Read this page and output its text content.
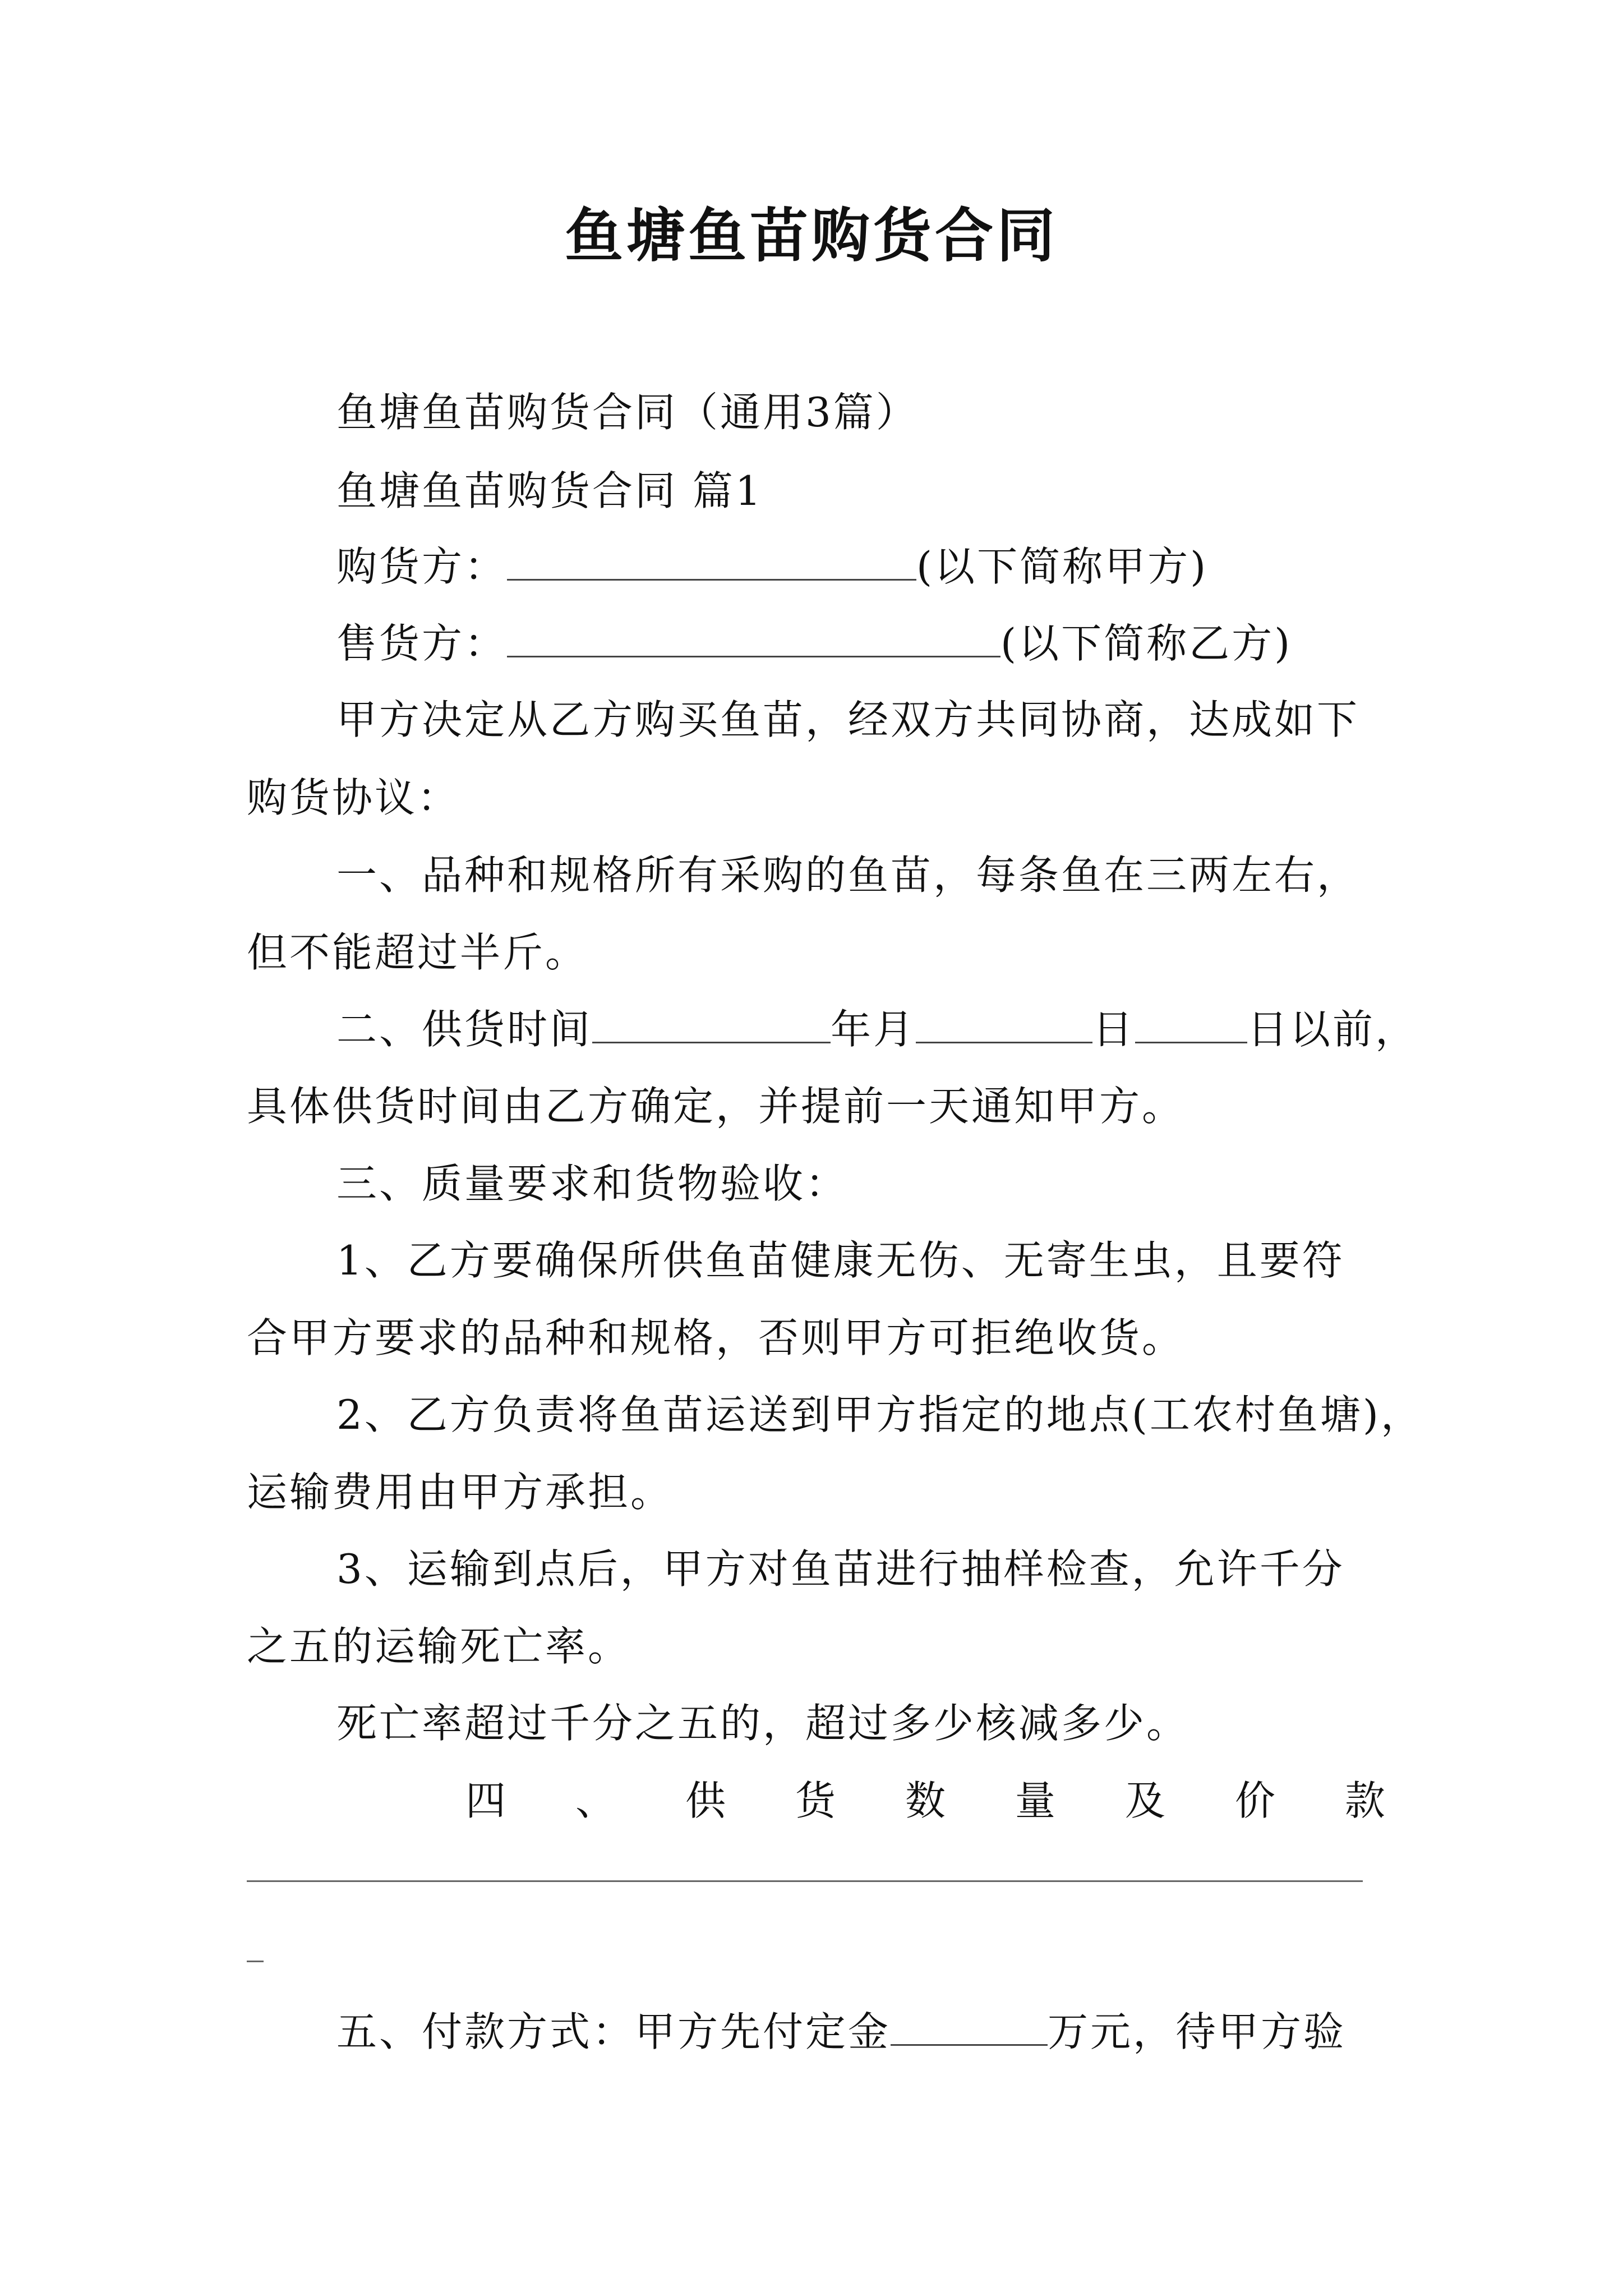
鱼塘鱼苗购货合同
鱼塘鱼苗购货合同（通用3篇）
鱼塘鱼苗购货合同 篇1
购货方：	(以下简称甲方)
售货方：	(以下简称乙方)
甲方决定从乙方购买鱼苗，经双方共同协商，达成如下
购货协议：
一、品种和规格所有采购的鱼苗，每条鱼在三两左右，
但不能超过半斤。
二、供货时间	年月	日	日以前，
具体供货时间由乙方确定，并提前一天通知甲方。
三、质量要求和货物验收：
1、乙方要确保所供鱼苗健康无伤、无寄生虫，且要符
合甲方要求的品种和规格，否则甲方可拒绝收货。
2、乙方负责将鱼苗运送到甲方指定的地点(工农村鱼塘)，
运输费用由甲方承担。
3、运输到点后，甲方对鱼苗进行抽样检查，允许千分
之五的运输死亡率。
死亡率超过千分之五的，超过多少核减多少。
四 、 供 货 数 量 及 价 款
五、付款方式：甲方先付定金	万元，待甲方验
